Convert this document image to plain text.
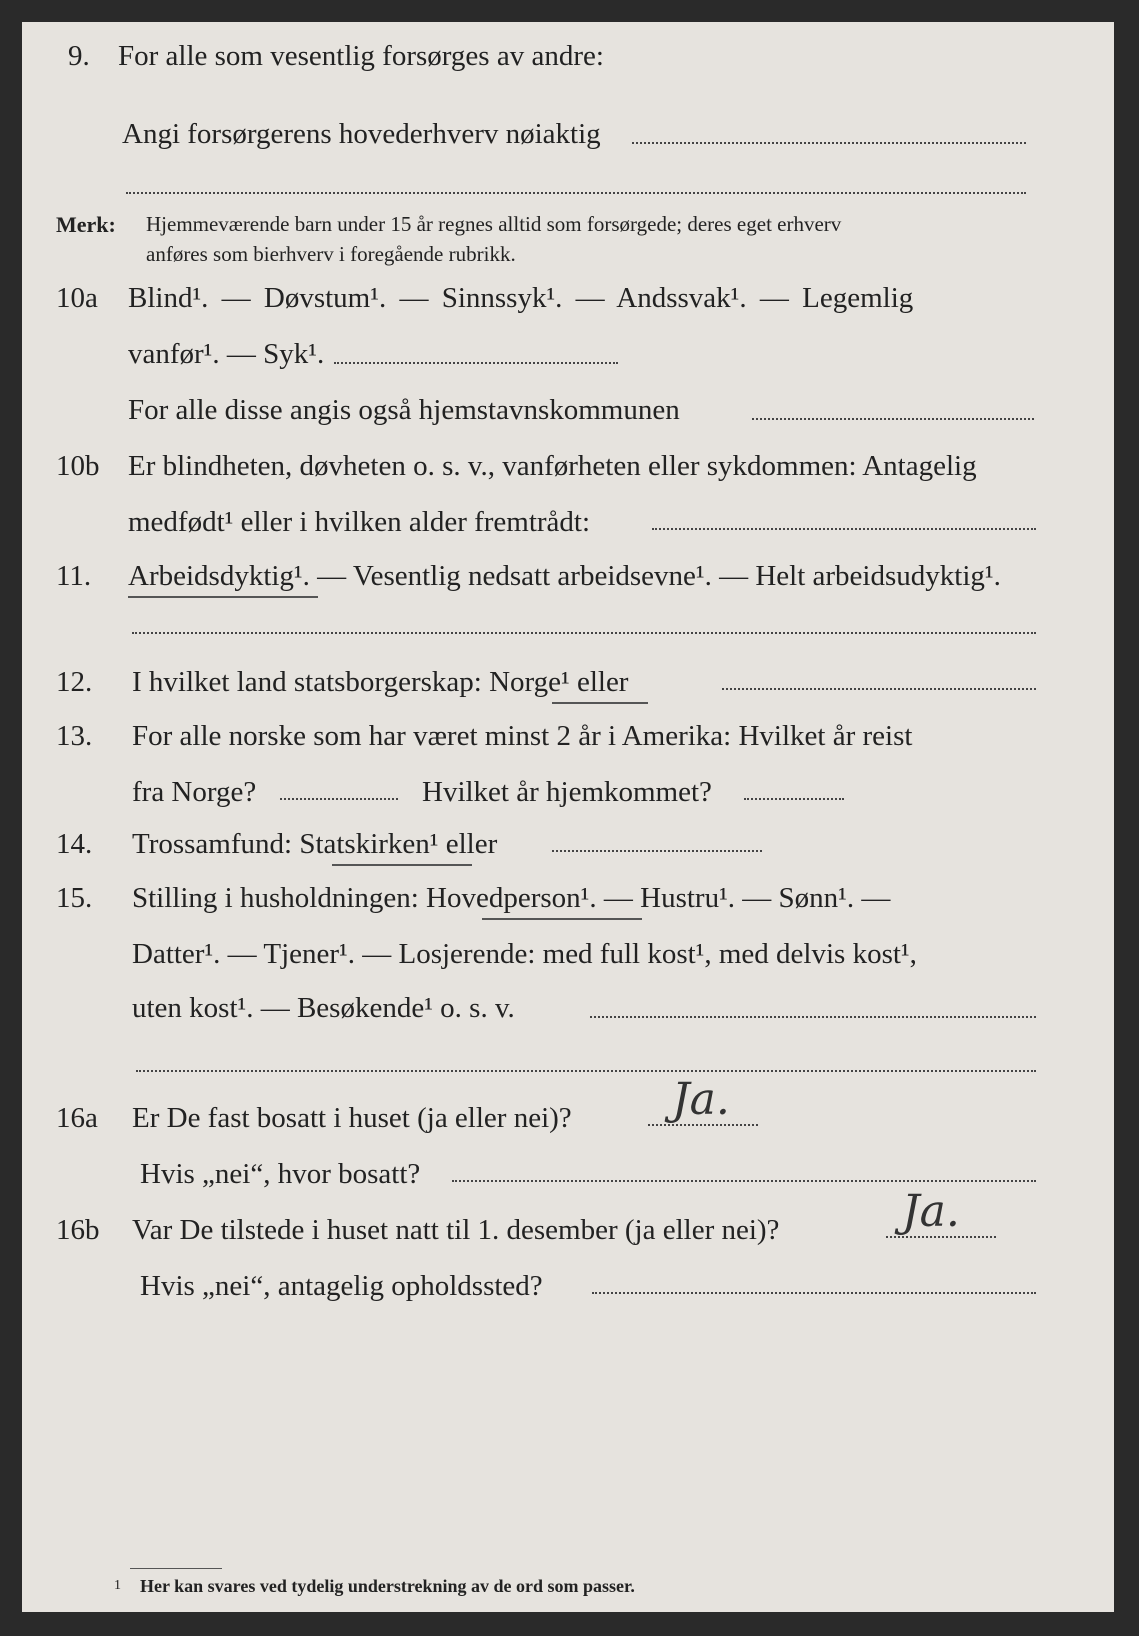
9. For alle som vesentlig forsørges av andre:
Angi forsørgerens hovederhverv nøiaktig
Merk: Hjemmeværende barn under 15 år regnes alltid som forsørgede; deres eget erhverv
anføres som bierhverv i foregående rubrikk.
10a Blind¹. — Døvstum¹. — Sinnssyk¹. — Andssvak¹. — Legemlig
vanfør¹. — Syk¹.
For alle disse angis også hjemstavnskommunen
10b Er blindheten, døvheten o. s. v., vanførheten eller sykdommen: Antagelig
medfødt¹ eller i hvilken alder fremtrådt:
11. Arbeidsdyktig¹. — Vesentlig nedsatt arbeidsevne¹. — Helt arbeidsudyktig¹.
12. I hvilket land statsborgerskap: Norge¹ eller
13. For alle norske som har været minst 2 år i Amerika: Hvilket år reist
fra Norge?	Hvilket år hjemkommet?
14. Trossamfund: Statskirken¹ eller
15. Stilling i husholdningen: Hovedperson¹. — Hustru¹. — Sønn¹. —
Datter¹. — Tjener¹. — Losjerende: med full kost¹, med delvis kost¹,
uten kost¹. — Besøkende¹ o. s. v.
16a Er De fast bosatt i huset (ja eller nei)? Ja.
Hvis „nei“, hvor bosatt?
16b Var De tilstede i huset natt til 1. desember (ja eller nei)?	Ja.
Hvis „nei“, antagelig opholdssted?
1 Her kan svares ved tydelig understrekning av de ord som passer.
